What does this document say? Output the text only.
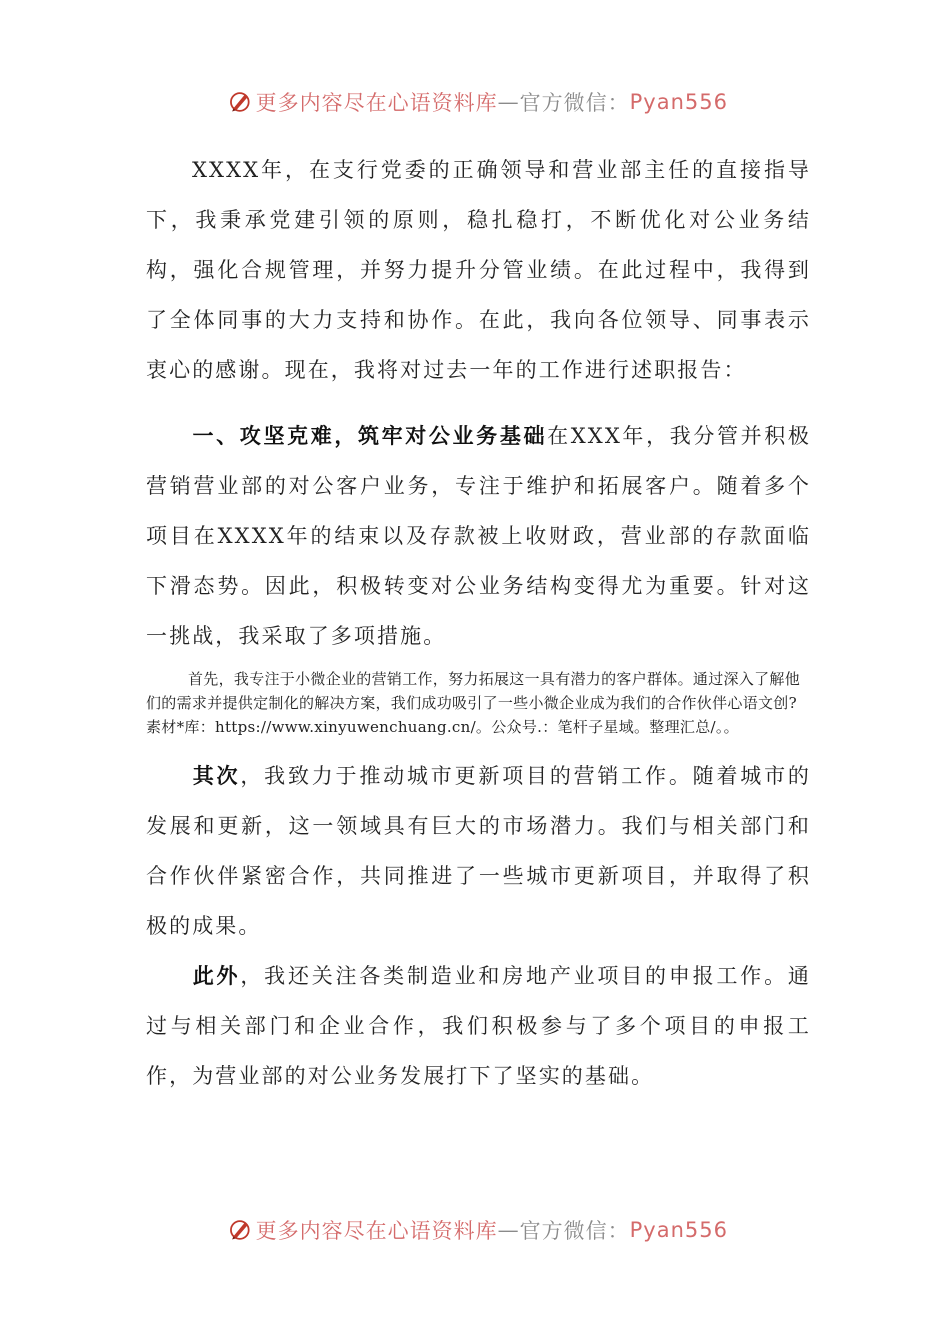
更多内容尽在心语资料库 — 官方微信： Pyan556

XXXX年，在支行党委的正确领导和营业部主任的直接指导下，我秉承党建引领的原则，稳扎稳打，不断优化对公业务结构，强化合规管理，并努力提升分管业绩。在此过程中，我得到了全体同事的大力支持和协作。在此，我向各位领导、同事表示衷心的感谢。现在，我将对过去一年的工作进行述职报告：

一、攻坚克难，筑牢对公业务基础在XXX年，我分管并积极营销营业部的对公客户业务，专注于维护和拓展客户。随着多个项目在XXXX年的结束以及存款被上收财政，营业部的存款面临下滑态势。因此，积极转变对公业务结构变得尤为重要。针对这一挑战，我采取了多项措施。

首先，我专注于小微企业的营销工作，努力拓展这一具有潜力的客户群体。通过深入了解他们的需求并提供定制化的解决方案，我们成功吸引了一些小微企业成为我们的合作伙伴心语文创?素材*库：https://www.xinyuwenchuang.cn/。公众号.：笔杆子星域。整理汇总/。。

其次，我致力于推动城市更新项目的营销工作。随着城市的发展和更新，这一领域具有巨大的市场潜力。我们与相关部门和合作伙伴紧密合作，共同推进了一些城市更新项目，并取得了积极的成果。

此外，我还关注各类制造业和房地产业项目的申报工作。通过与相关部门和企业合作，我们积极参与了多个项目的申报工作，为营业部的对公业务发展打下了坚实的基础。

更多内容尽在心语资料库 — 官方微信： Pyan556
